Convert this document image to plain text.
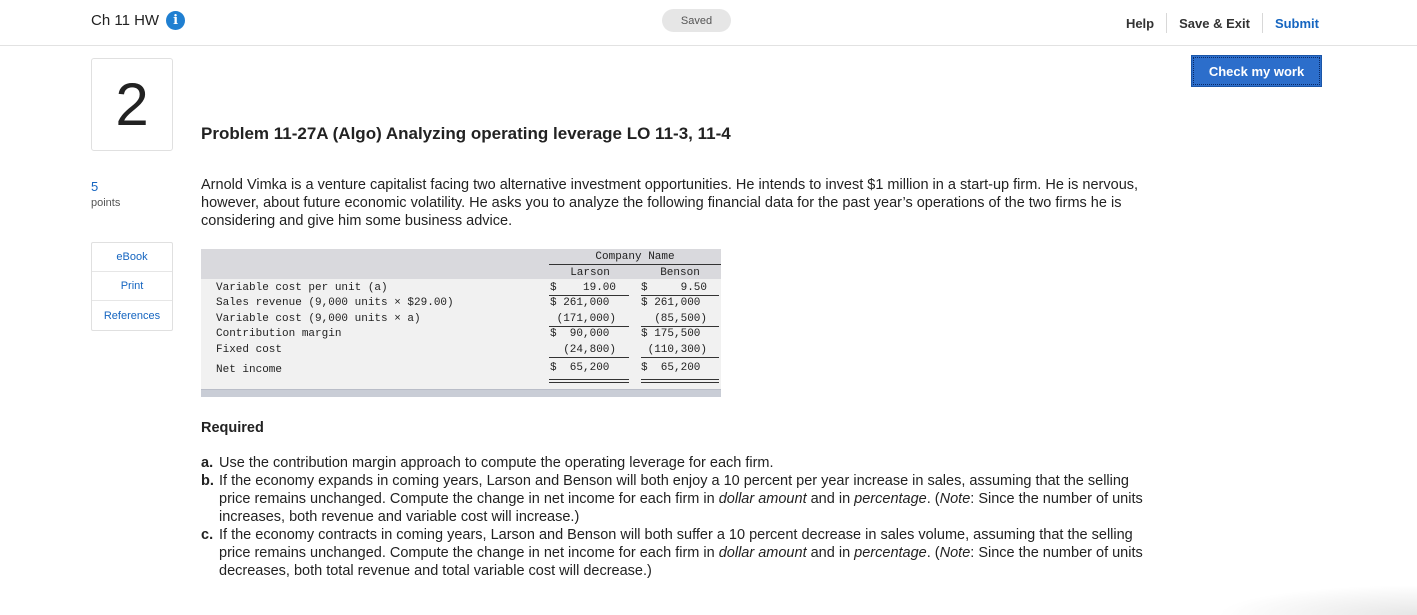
Ch 11 HW	i	Saved	Help	Save & Exit	Submit
Check my work
2
5
points
eBook
Print
References
Problem 11-27A (Algo) Analyzing operating leverage LO 11-3, 11-4
Arnold Vimka is a venture capitalist facing two alternative investment opportunities. He intends to invest $1 million in a start-up firm. He is nervous, however, about future economic volatility. He asks you to analyze the following financial data for the past year’s operations of the two firms he is considering and give him some business advice.
Company Name
Larson	Benson
Variable cost per unit (a)	$    19.00	$     9.50
Sales revenue (9,000 units × $29.00)	$ 261,000	$ 261,000
Variable cost (9,000 units × a)	(171,000)	(85,500)
Contribution margin	$  90,000	$ 175,500
Fixed cost	(24,800)	(110,300)
Net income	$  65,200	$  65,200
Required
a. Use the contribution margin approach to compute the operating leverage for each firm.
b. If the economy expands in coming years, Larson and Benson will both enjoy a 10 percent per year increase in sales, assuming that the selling price remains unchanged. Compute the change in net income for each firm in dollar amount and in percentage. (Note: Since the number of units increases, both revenue and variable cost will increase.)
c. If the economy contracts in coming years, Larson and Benson will both suffer a 10 percent decrease in sales volume, assuming that the selling price remains unchanged. Compute the change in net income for each firm in dollar amount and in percentage. (Note: Since the number of units decreases, both total revenue and total variable cost will decrease.)
